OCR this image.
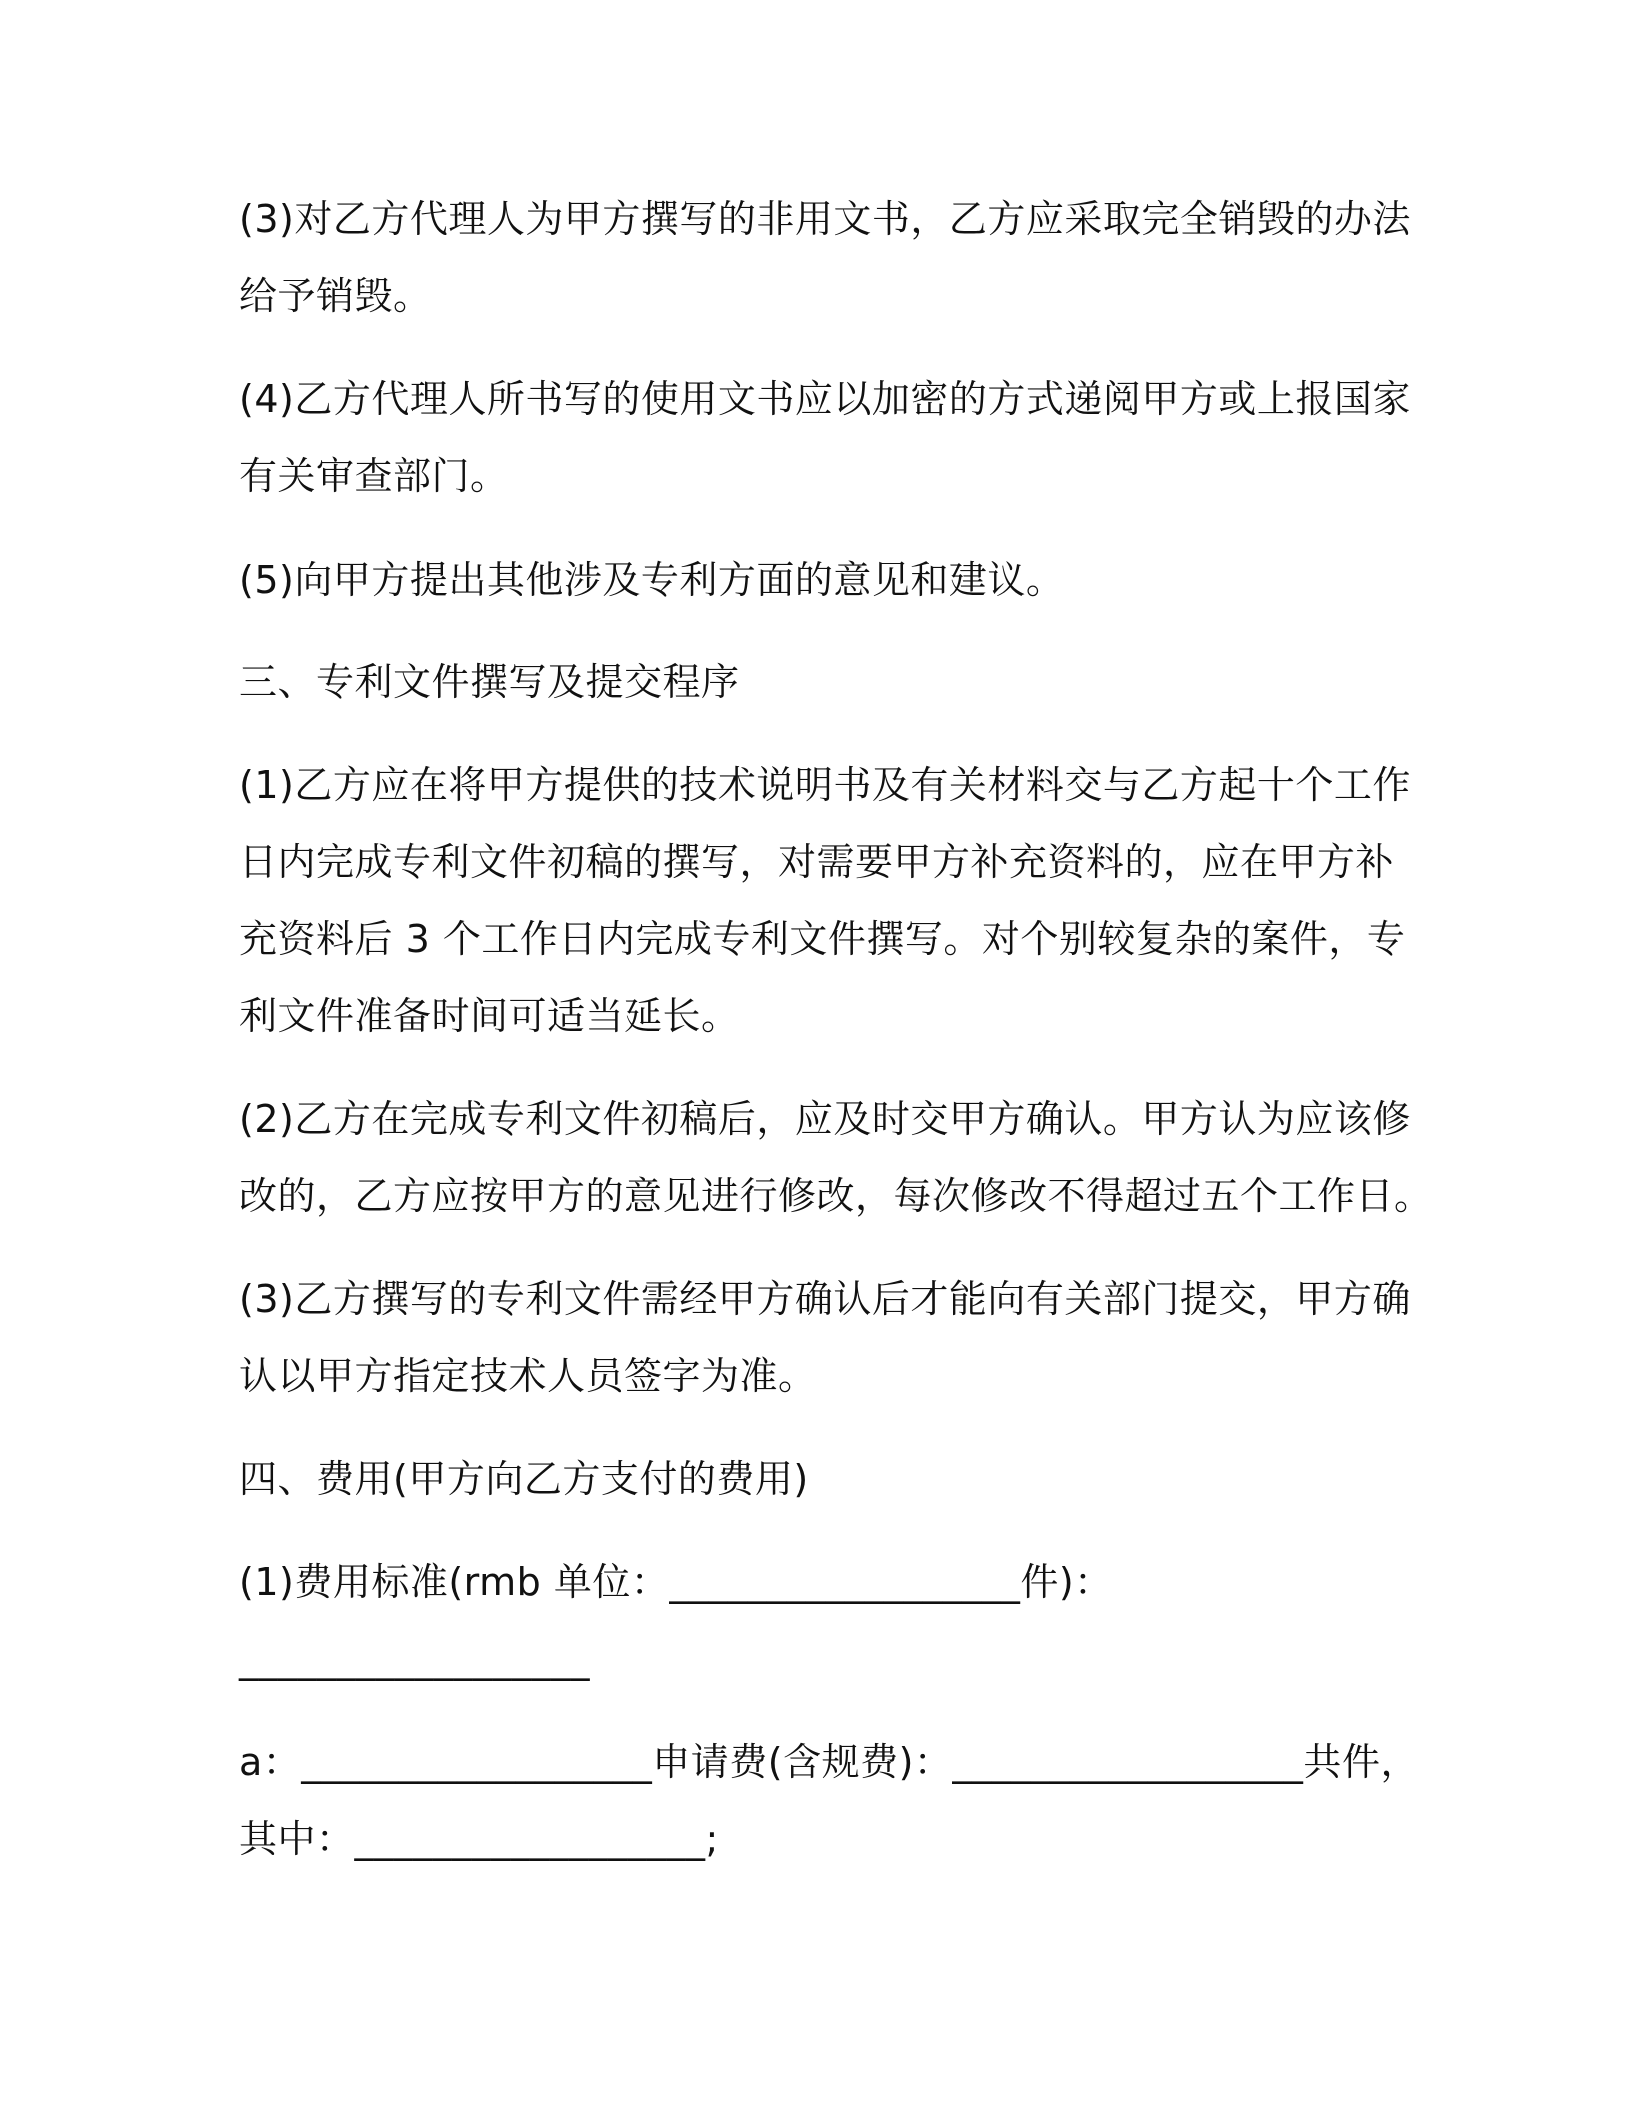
(3)对乙方代理人为甲方撰写的非用文书，乙方应采取完全销毁的办法
给予销毁。
(4)乙方代理人所书写的使用文书应以加密的方式递阅甲方或上报国家
有关审查部门。
(5)向甲方提出其他涉及专利方面的意见和建议。
三、专利文件撰写及提交程序
(1)乙方应在将甲方提供的技术说明书及有关材料交与乙方起十个工作
日内完成专利文件初稿的撰写，对需要甲方补充资料的，应在甲方补
充资料后 3 个工作日内完成专利文件撰写。对个别较复杂的案件，专
利文件准备时间可适当延长。
(2)乙方在完成专利文件初稿后，应及时交甲方确认。甲方认为应该修
改的，乙方应按甲方的意见进行修改，每次修改不得超过五个工作日。
(3)乙方撰写的专利文件需经甲方确认后才能向有关部门提交，甲方确
认以甲方指定技术人员签字为准。
四、费用(甲方向乙方支付的费用)
(1)费用标准(rmb 单位：__________________件)：
__________________
a：__________________申请费(含规费)：__________________共件，
其中：__________________;
